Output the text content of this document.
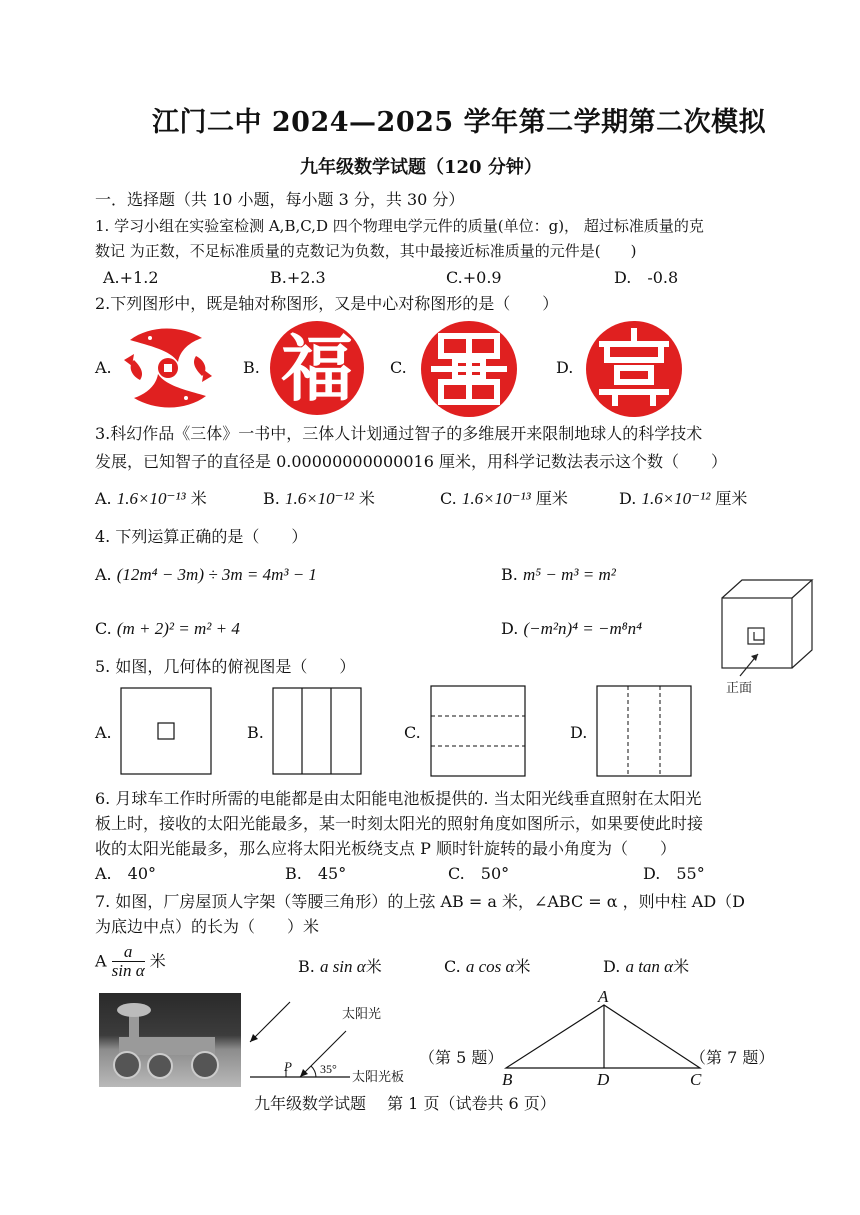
江门二中 2024—2025 学年第二学期第二次模拟
九年级数学试题（120 分钟）
一．选择题（共 10 小题，每小题 3 分，共 30 分）
1. 学习小组在实验室检测 A,B,C,D 四个物理电学元件的质量(单位：g)， 超过标准质量的克
数记 为正数，不足标准质量的克数记为负数，其中最接近标准质量的元件是(　　)
A.+1.2	B.+2.3	C.+0.9	D.　-0.8
2.下列图形中，既是轴对称图形，又是中心对称图形的是（　　）
A.	B.	C.	D.
福
3.科幻作品《三体》一书中，三体人计划通过智子的多维展开来限制地球人的科学技术
发展，已知智子的直径是 0.00000000000016 厘米，用科学记数法表示这个数（　　）
A. 1.6×10⁻¹³ 米	B. 1.6×10⁻¹² 米	C. 1.6×10⁻¹³ 厘米	D. 1.6×10⁻¹² 厘米
4. 下列运算正确的是（　　）
A. (12m⁴ − 3m) ÷ 3m = 4m³ − 1	B. m⁵ − m³ = m²
C. (m + 2)² = m² + 4	D. (−m²n)⁴ = −m⁸n⁴
正面
5. 如图，几何体的俯视图是（　　）
A.	B.	C.	D.
6. 月球车工作时所需的电能都是由太阳能电池板提供的. 当太阳光线垂直照射在太阳光
板上时，接收的太阳光能最多，某一时刻太阳光的照射角度如图所示，如果要使此时接
收的太阳光能最多，那么应将太阳光板绕支点 P 顺时针旋转的最小角度为（　　）
A.　40°	B.　45°	C.　50°	D.　55°
7. 如图，厂房屋顶人字架（等腰三角形）的上弦 AB = a 米，∠ABC = α ，则中柱 AD（D
为底边中点）的长为（　　）米
A $\frac{a}{\text{sin α}}$ 米	B. a sin α米	C. a cos α米	D. a tan α米
太阳光
太阳光板
35°
P	（第 5 题）	（第 7 题）
A
B	D	C
九年级数学试题　 第 1 页（试卷共 6 页）
